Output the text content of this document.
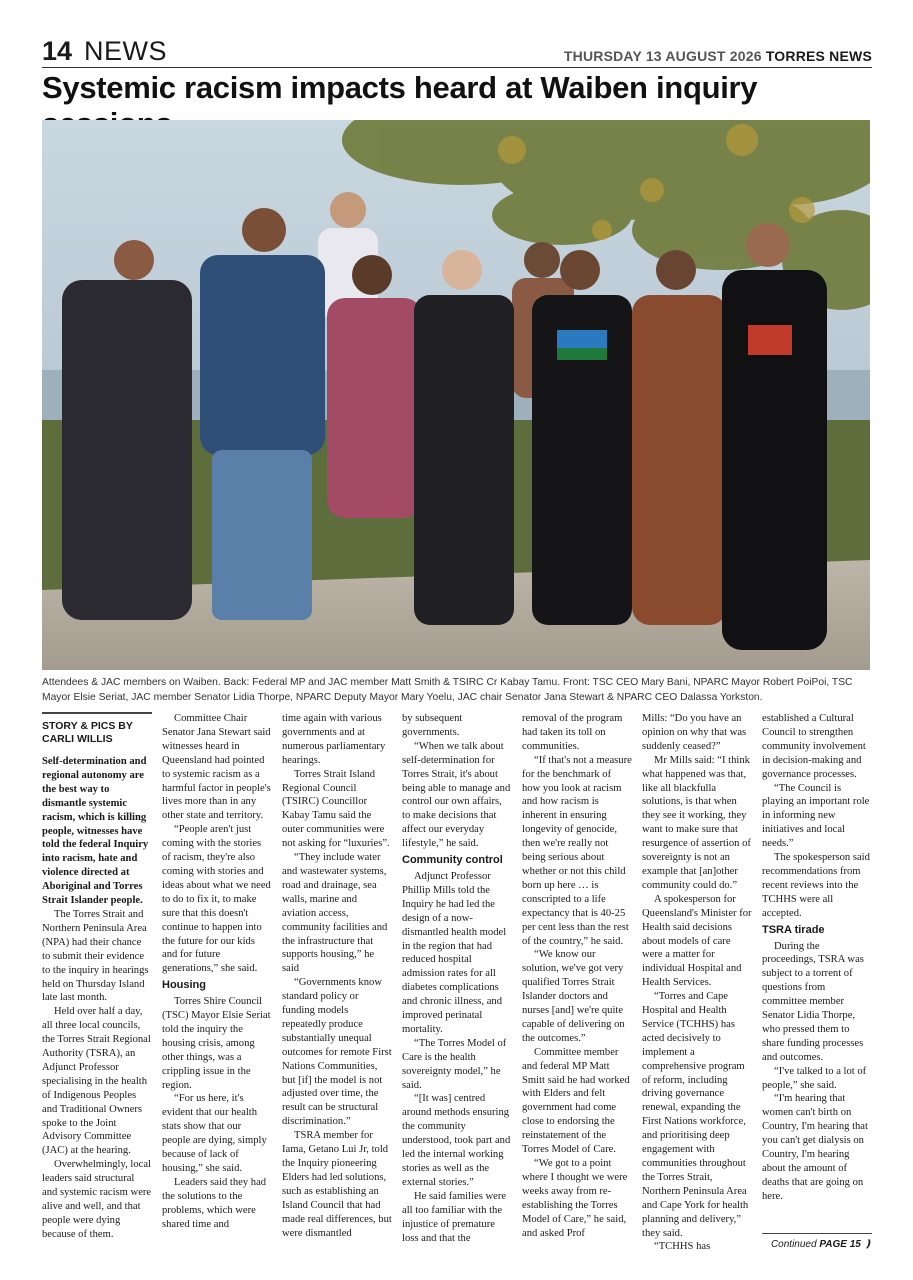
14 NEWS	THURSDAY 13 AUGUST 2026 TORRES NEWS
Systemic racism impacts heard at Waiben inquiry
Attendees & JAC members on Waiben. Back: Federal MP and JAC member Matt Smith & TSIRC Cr Kabay Tamu. Front: TSC CEO Mary Bani, NPARC Mayor Robert PoiPoi, TSC Mayor Elsie Seriat, JAC member Senator Lidia Thorpe, NPARC Deputy Mayor Mary Yoelu, JAC chair Senator Jana Stewart & NPARC CEO Dalassa Yorkston.
STORY & PICS BY CARLI WILLIS

Self-determination and regional autonomy are the best way to dismantle systemic racism, which is killing people, witnesses have told the federal Inquiry into racism, hate and violence directed at Aboriginal and Torres Strait Islander people.

The Torres Strait and Northern Peninsula Area (NPA) had their chance to submit their evidence to the inquiry in hearings held on Thursday Island late last month.

Held over half a day, all three local councils, the Torres Strait Regional Authority (TSRA), an Adjunct Professor specialising in the health of Indigenous Peoples and Traditional Owners spoke to the Joint Advisory Committee (JAC) at the hearing.

Overwhelmingly, local leaders said structural and systemic racism were alive and well, and that people were dying because of them.

Committee Chair Senator Jana Stewart said witnesses heard in Queensland had pointed to systemic racism as a harmful factor in people's lives more than in any other state and territory.

“People aren't just coming with the stories of racism, they're also coming with stories and ideas about what we need to do to fix it, to make sure that this doesn't continue to happen into the future for our kids and for future generations,” she said.

Housing

Torres Shire Council (TSC) Mayor Elsie Seriat told the inquiry the housing crisis, among other things, was a crippling issue in the region.

“For us here, it's evident that our health stats show that our people are dying, simply because of lack of housing,” she said.

Leaders said they had the solutions to the problems, which were shared time and

time again with various governments and at numerous parliamentary hearings.

Torres Strait Island Regional Council (TSIRC) Councillor Kabay Tamu said the outer communities were not asking for “luxuries”.

“They include water and wastewater systems, road and drainage, sea walls, marine and aviation access, community facilities and the infrastructure that supports housing,” he said

“Governments know standard policy or funding models repeatedly produce substantially unequal outcomes for remote First Nations Communities, but [if] the model is not adjusted over time, the result can be structural discrimination.”

TSRA member for Iama, Getano Lui Jr, told the Inquiry pioneering Elders had led solutions, such as establishing an Island Council that had made real differences, but were dismantled

by subsequent governments.

“When we talk about self-determination for Torres Strait, it's about being able to manage and control our own affairs, to make decisions that affect our everyday lifestyle,” he said.

Community control

Adjunct Professor Phillip Mills told the Inquiry he had led the design of a now-dismantled health model in the region that had reduced hospital admission rates for all diabetes complications and chronic illness, and improved perinatal mortality.

“The Torres Model of Care is the health sovereignty model,” he said.

“[It was] centred around methods ensuring the community understood, took part and led the internal working stories as well as the external stories.”

He said families were all too familiar with the injustice of premature loss and that the

removal of the program had taken its toll on communities.

“If that's not a measure for the benchmark of how you look at racism and how racism is inherent in ensuring longevity of genocide, then we're really not being serious about whether or not this child born up here … is conscripted to a life expectancy that is 40-25 per cent less than the rest of the country,” he said.

“We know our solution, we've got very qualified Torres Strait Islander doctors and nurses [and] we're quite capable of delivering on the outcomes.”

Committee member and federal MP Matt Smitt said he had worked with Elders and felt government had come close to endorsing the reinstatement of the Torres Model of Care.

“We got to a point where I thought we were weeks away from re-establishing the Torres Model of Care,” he said, and asked Prof

Mills: “Do you have an opinion on why that was suddenly ceased?”

Mr Mills said: “I think what happened was that, like all blackfulla solutions, is that when they see it working, they want to make sure that resurgence of assertion of sovereignty is not an example that [an]other community could do.”

A spokesperson for Queensland's Minister for Health said decisions about models of care were a matter for individual Hospital and Health Services.

“Torres and Cape Hospital and Health Service (TCHHS) has acted decisively to implement a comprehensive program of reform, including driving governance renewal, expanding the First Nations workforce, and prioritising deep engagement with communities throughout the Torres Strait, Northern Peninsula Area and Cape York for health planning and delivery,” they said.

“TCHHS has

established a Cultural Council to strengthen community involvement in decision-making and governance processes.

“The Council is playing an important role in informing new initiatives and local needs.”

The spokesperson said recommendations from recent reviews into the TCHHS were all accepted.

TSRA tirade

During the proceedings, TSRA was subject to a torrent of questions from committee member Senator Lidia Thorpe, who pressed them to share funding processes and outcomes.

“I've talked to a lot of people,” she said.

“I'm hearing that women can't birth on Country, I'm hearing that you can't get dialysis on Country, I'm hearing about the amount of deaths that are going on here.

Continued PAGE 15 ❫
